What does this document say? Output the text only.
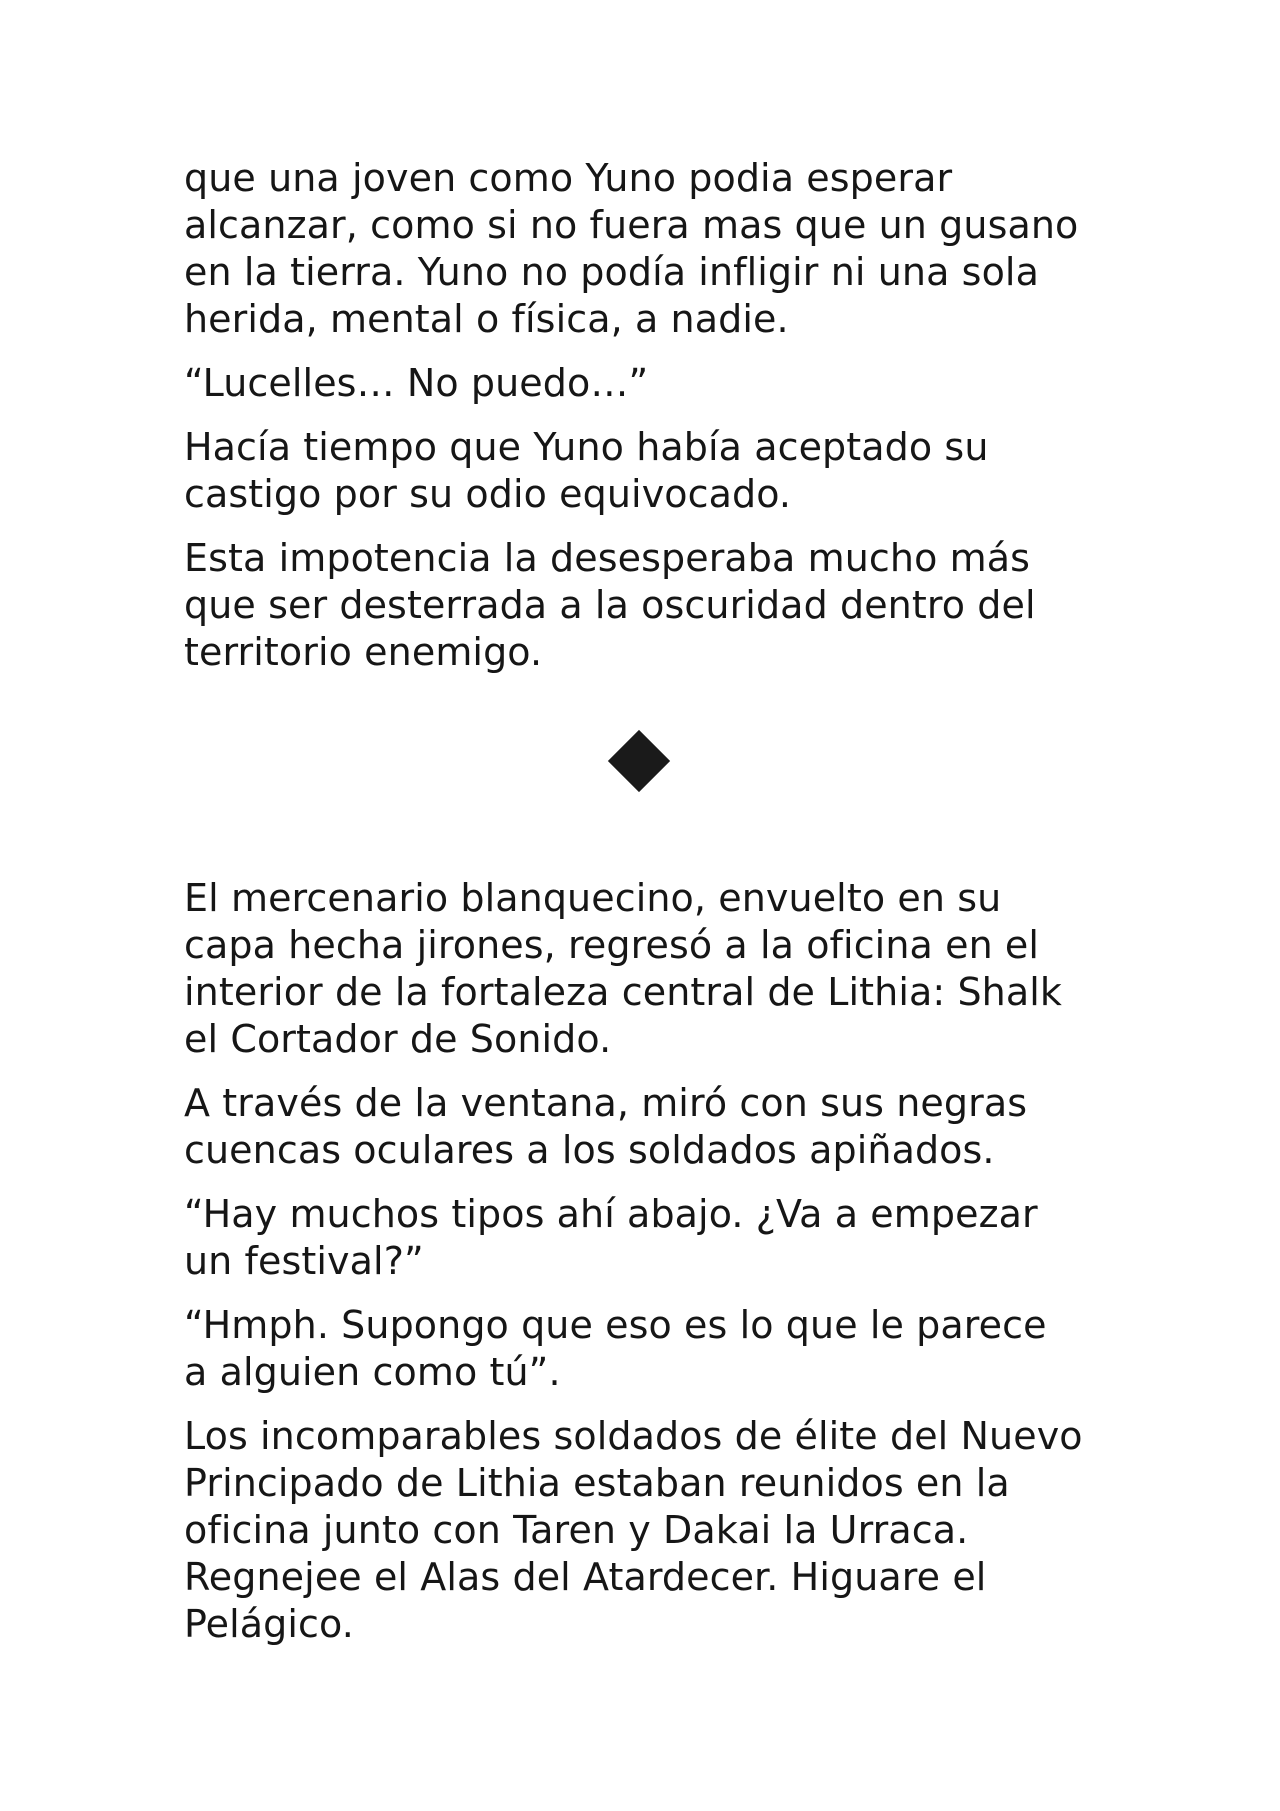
que una joven como Yuno podia esperar
alcanzar, como si no fuera mas que un gusano
en la tierra. Yuno no podía infligir ni una sola
herida, mental o física, a nadie.

“Lucelles… No puedo…”

Hacía tiempo que Yuno había aceptado su
castigo por su odio equivocado.

Esta impotencia la desesperaba mucho más
que ser desterrada a la oscuridad dentro del
territorio enemigo.

El mercenario blanquecino, envuelto en su
capa hecha jirones, regresó a la oficina en el
interior de la fortaleza central de Lithia: Shalk
el Cortador de Sonido.

A través de la ventana, miró con sus negras
cuencas oculares a los soldados apiñados.

“Hay muchos tipos ahí abajo. ¿Va a empezar
un festival?”

“Hmph. Supongo que eso es lo que le parece
a alguien como tú”.

Los incomparables soldados de élite del Nuevo
Principado de Lithia estaban reunidos en la
oficina junto con Taren y Dakai la Urraca.
Regnejee el Alas del Atardecer. Higuare el
Pelágico.
